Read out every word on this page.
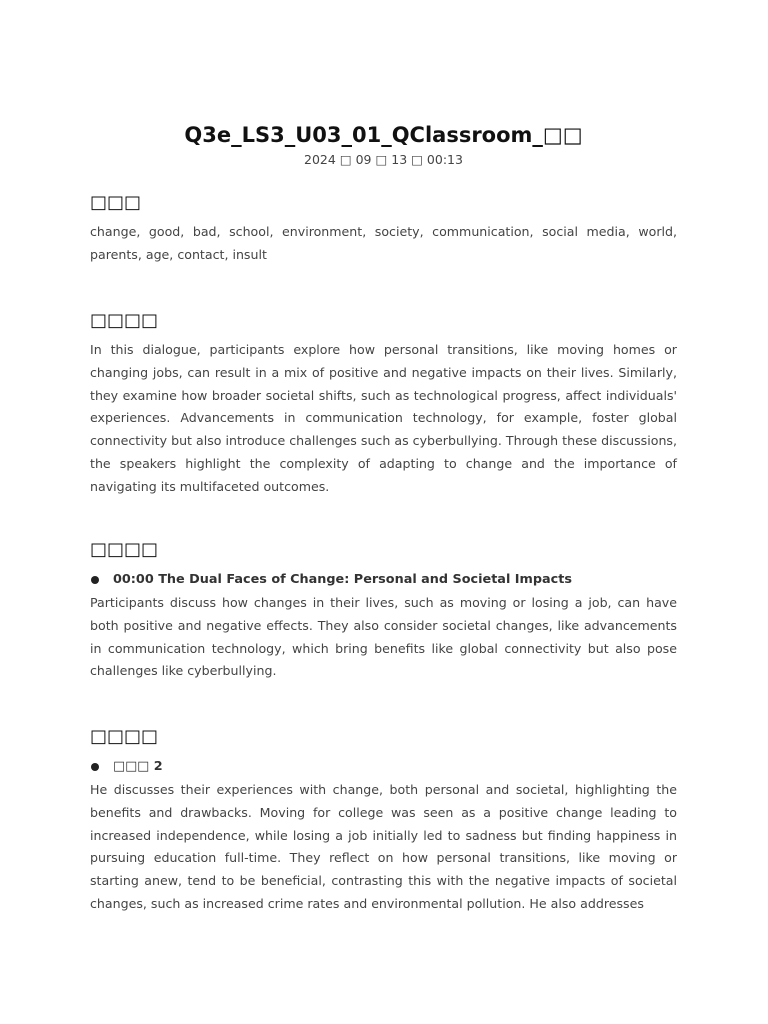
Q3e_LS3_U03_01_QClassroom_□□
2024 □ 09 □ 13 □ 00:13
□□□

change, good, bad, school, environment, society, communication, social media, world, parents, age, contact, insult

□□□□

In this dialogue, participants explore how personal transitions, like moving homes or changing jobs, can result in a mix of positive and negative impacts on their lives. Similarly, they examine how broader societal shifts, such as technological progress, affect individuals' experiences. Advancements in communication technology, for example, foster global connectivity but also introduce challenges such as cyberbullying. Through these discussions, the speakers highlight the complexity of adapting to change and the importance of navigating its multifaceted outcomes.

□□□□
00:00 The Dual Faces of Change: Personal and Societal Impacts

Participants discuss how changes in their lives, such as moving or losing a job, can have both positive and negative effects. They also consider societal changes, like advancements in communication technology, which bring benefits like global connectivity but also pose challenges like cyberbullying.

□□□□
□□□ 2

He discusses their experiences with change, both personal and societal, highlighting the benefits and drawbacks. Moving for college was seen as a positive change leading to increased independence, while losing a job initially led to sadness but finding happiness in pursuing education full-time. They reflect on how personal transitions, like moving or starting anew, tend to be beneficial, contrasting this with the negative impacts of societal changes, such as increased crime rates and environmental pollution. He also addresses
